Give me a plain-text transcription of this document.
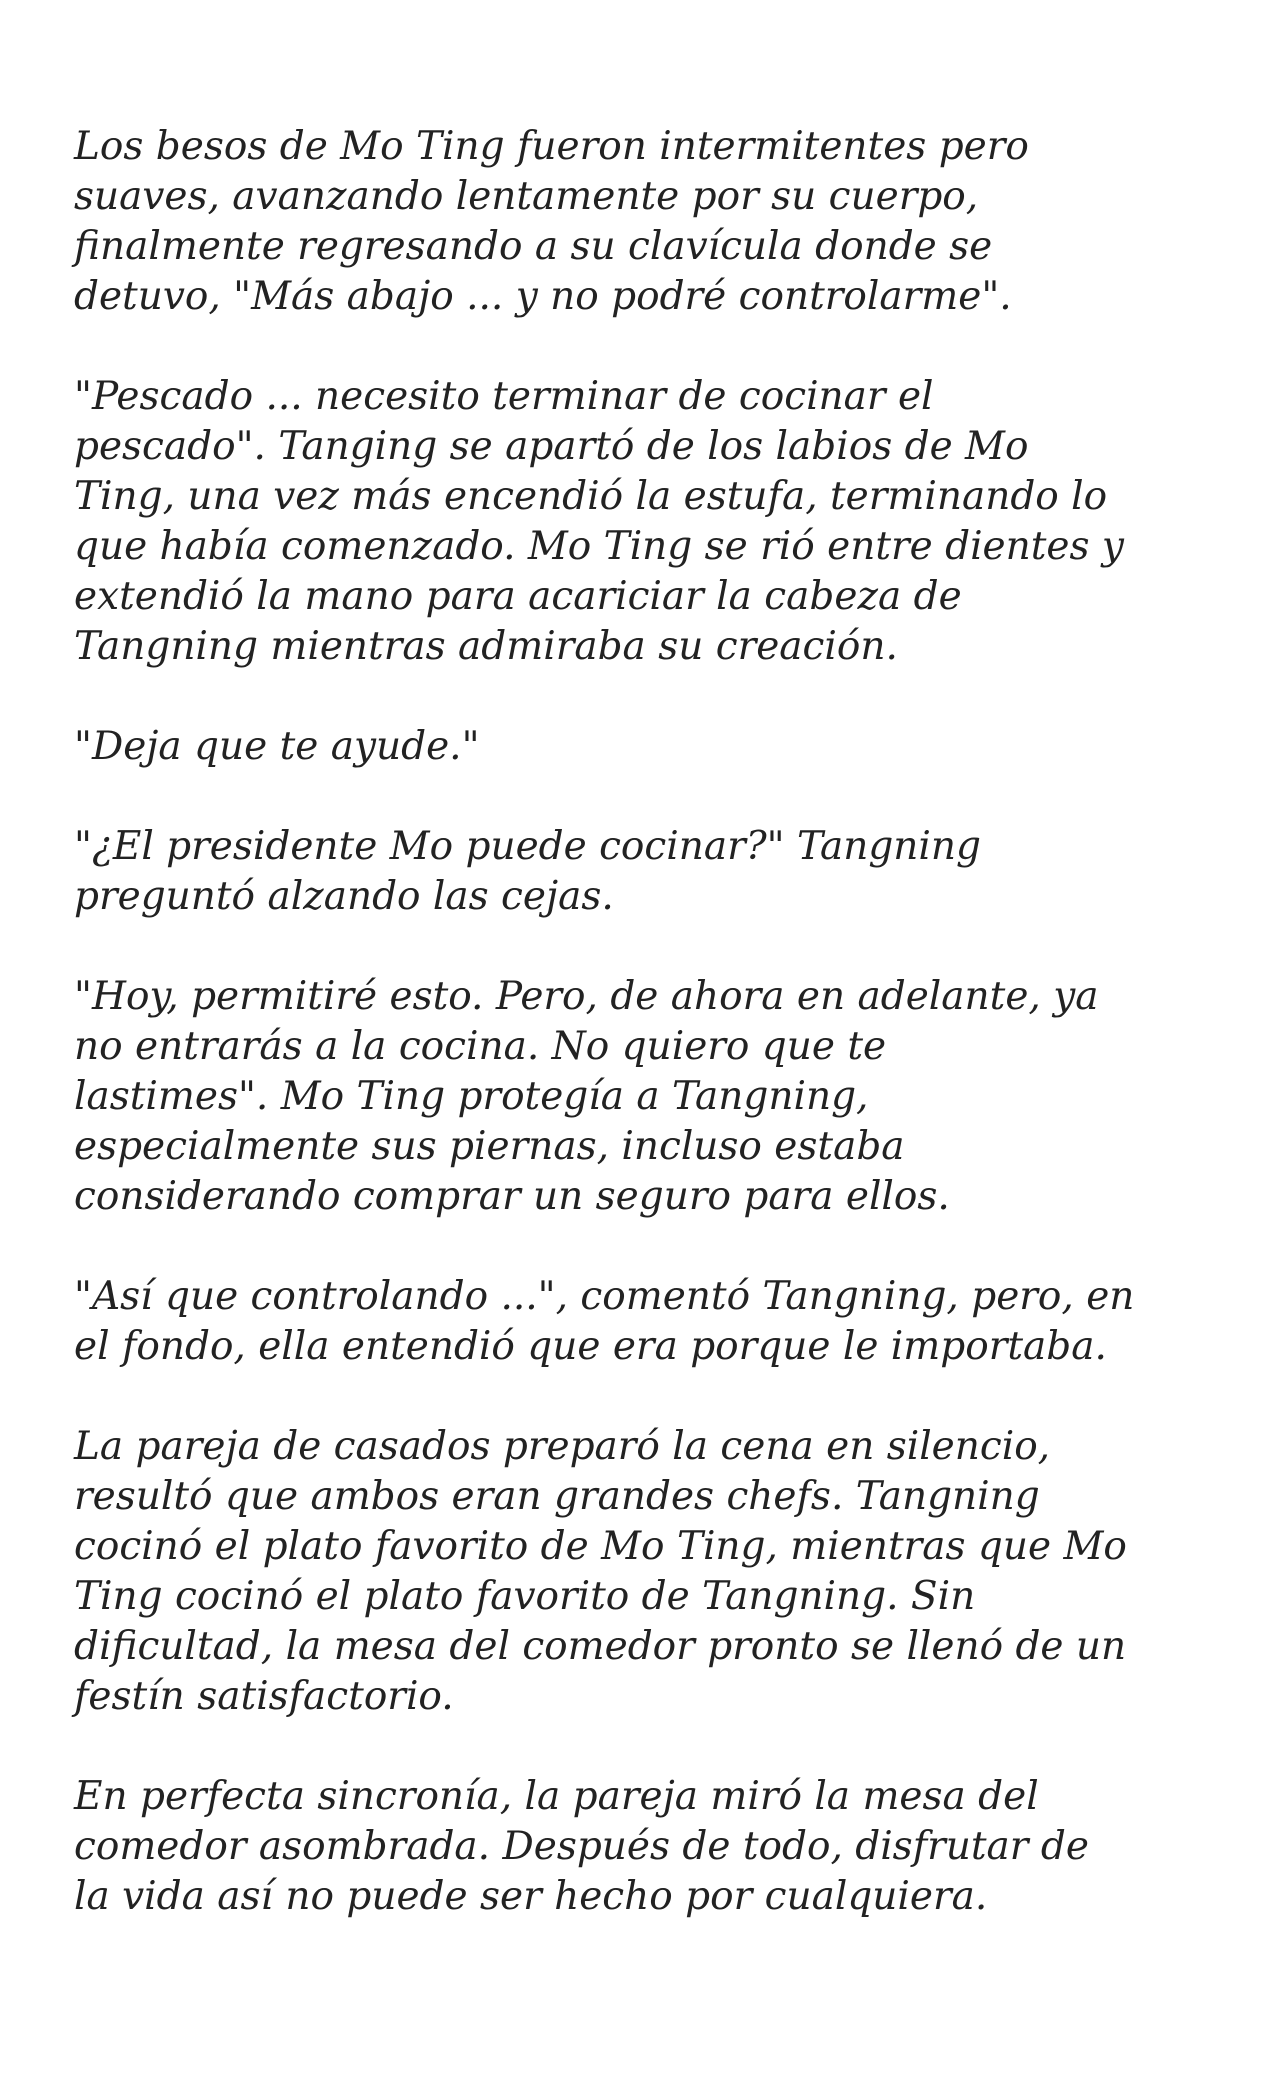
Los besos de Mo Ting fueron intermitentes pero
suaves, avanzando lentamente por su cuerpo,
finalmente regresando a su clavícula donde se
detuvo, "Más abajo ... y no podré controlarme".

"Pescado ... necesito terminar de cocinar el
pescado". Tanging se apartó de los labios de Mo
Ting, una vez más encendió la estufa, terminando lo
que había comenzado. Mo Ting se rió entre dientes y
extendió la mano para acariciar la cabeza de
Tangning mientras admiraba su creación.

"Deja que te ayude."

"¿El presidente Mo puede cocinar?" Tangning
preguntó alzando las cejas.

"Hoy, permitiré esto. Pero, de ahora en adelante, ya
no entrarás a la cocina. No quiero que te
lastimes". Mo Ting protegía a Tangning,
especialmente sus piernas, incluso estaba
considerando comprar un seguro para ellos.

"Así que controlando ...", comentó Tangning, pero, en
el fondo, ella entendió que era porque le importaba.

La pareja de casados preparó la cena en silencio,
resultó que ambos eran grandes chefs. Tangning
cocinó el plato favorito de Mo Ting, mientras que Mo
Ting cocinó el plato favorito de Tangning. Sin
dificultad, la mesa del comedor pronto se llenó de un
festín satisfactorio.

En perfecta sincronía, la pareja miró la mesa del
comedor asombrada. Después de todo, disfrutar de
la vida así no puede ser hecho por cualquiera.
